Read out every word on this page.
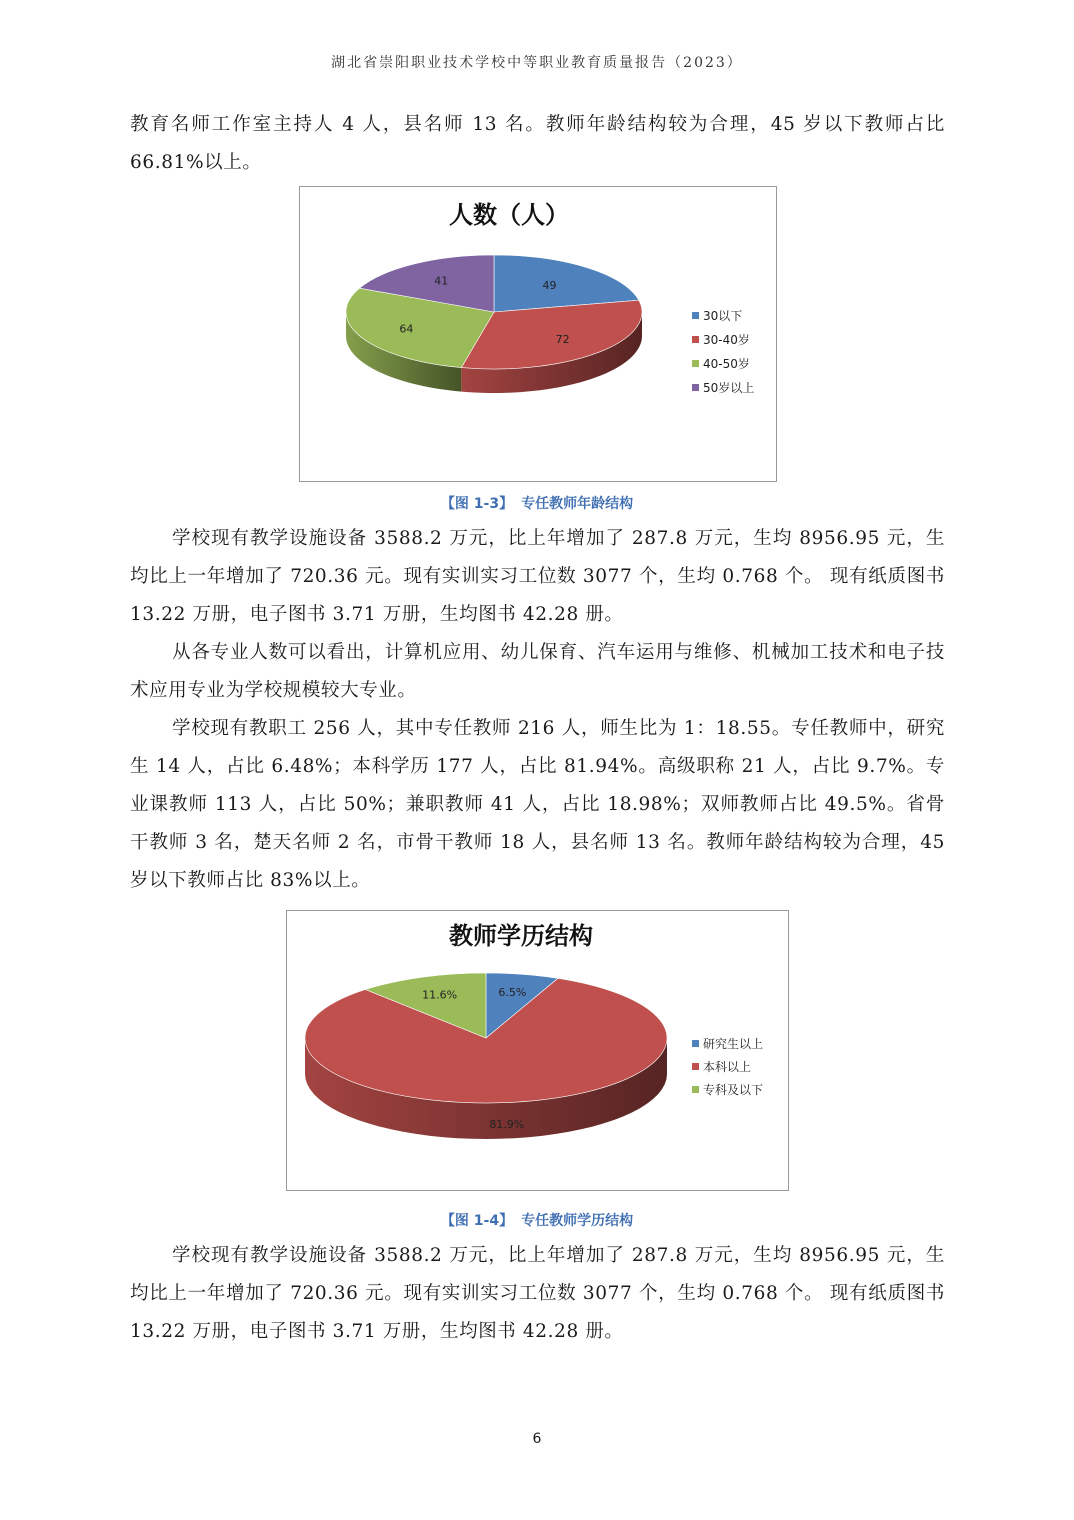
湖北省崇阳职业技术学校中等职业教育质量报告（2023）

教育名师工作室主持人 4 人，县名师 13 名。教师年龄结构较为合理，45 岁以下教师占比 66.81%以上。

人数（人）
49
72
64
41
30以下
30-40岁
40-50岁
50岁以上
【图 1-3】 专任教师年龄结构

学校现有教学设施设备 3588.2 万元，比上年增加了 287.8 万元，生均 8956.95 元，生均比上一年增加了 720.36 元。现有实训实习工位数 3077 个，生均 0.768 个。 现有纸质图书 13.22 万册，电子图书 3.71 万册，生均图书 42.28 册。

从各专业人数可以看出，计算机应用、幼儿保育、汽车运用与维修、机械加工技术和电子技术应用专业为学校规模较大专业。

学校现有教职工 256 人，其中专任教师 216 人，师生比为 1：18.55。专任教师中，研究生 14 人，占比 6.48%；本科学历 177 人，占比 81.94%。高级职称 21 人，占比 9.7%。专业课教师 113 人，占比 50%；兼职教师 41 人，占比 18.98%；双师教师占比 49.5%。省骨干教师 3 名，楚天名师 2 名，市骨干教师 18 人，县名师 13 名。教师年龄结构较为合理，45 岁以下教师占比 83%以上。

教师学历结构
6.5%
81.9%
11.6%
研究生以上
本科以上
专科及以下
【图 1-4】 专任教师学历结构

学校现有教学设施设备 3588.2 万元，比上年增加了 287.8 万元，生均 8956.95 元，生均比上一年增加了 720.36 元。现有实训实习工位数 3077 个，生均 0.768 个。 现有纸质图书 13.22 万册，电子图书 3.71 万册，生均图书 42.28 册。

6
